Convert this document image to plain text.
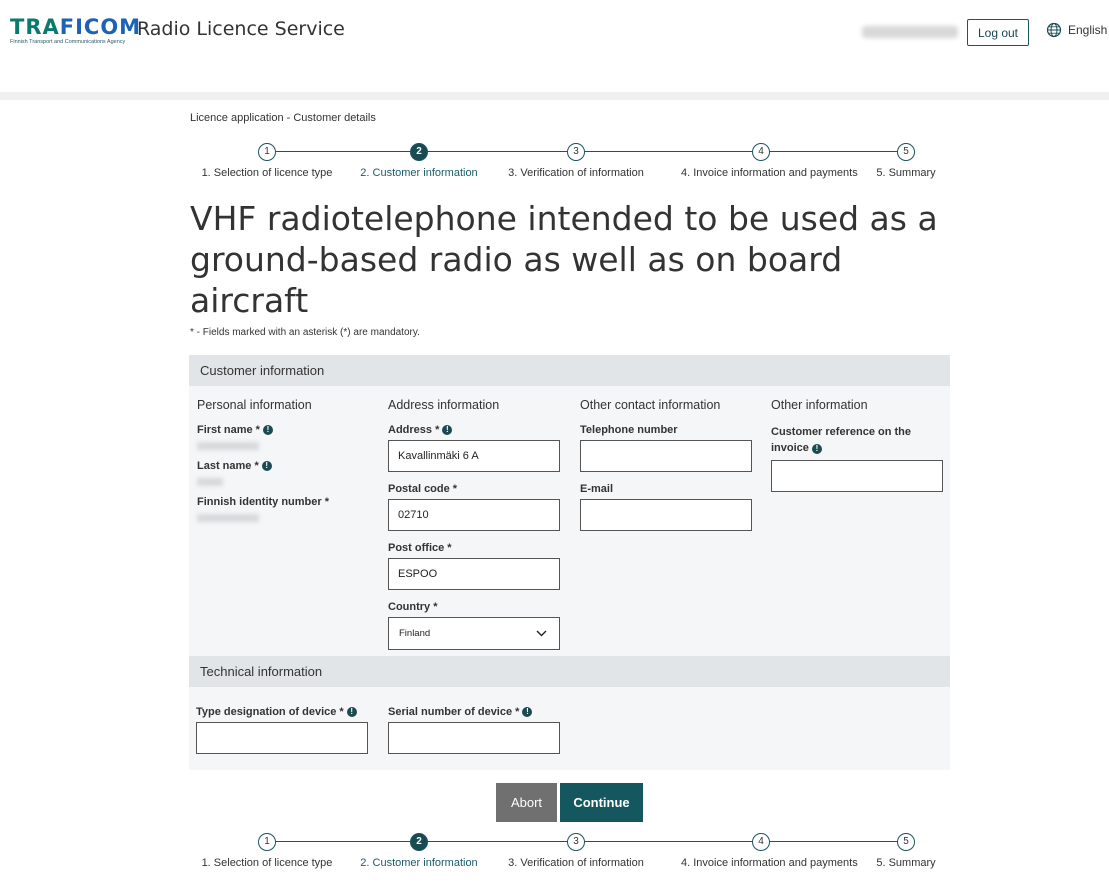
TRAFICOM
Finnish Transport and Communications Agency
Radio Licence Service	Log out	English
Licence application - Customer details
1
1. Selection of licence type
2
2. Customer information
3
3. Verification of information
4
4. Invoice information and payments
5
5. Summary
VHF radiotelephone intended to be used as a ground-based radio as well as on board aircraft
* - Fields marked with an asterisk (*) are mandatory.
Customer information
Personal information
First name * !
Last name * !
Finnish identity number *
Address information
Address * !
Kavallinmäki 6 A
Postal code *
02710
Post office *
ESPOO
Country *
Finland
Other contact information
Telephone number
E-mail
Other information
Customer reference on the invoice !
Technical information
Type designation of device * !	Serial number of device * !
Abort	Continue
1
1. Selection of licence type
2
2. Customer information
3
3. Verification of information
4
4. Invoice information and payments
5
5. Summary
